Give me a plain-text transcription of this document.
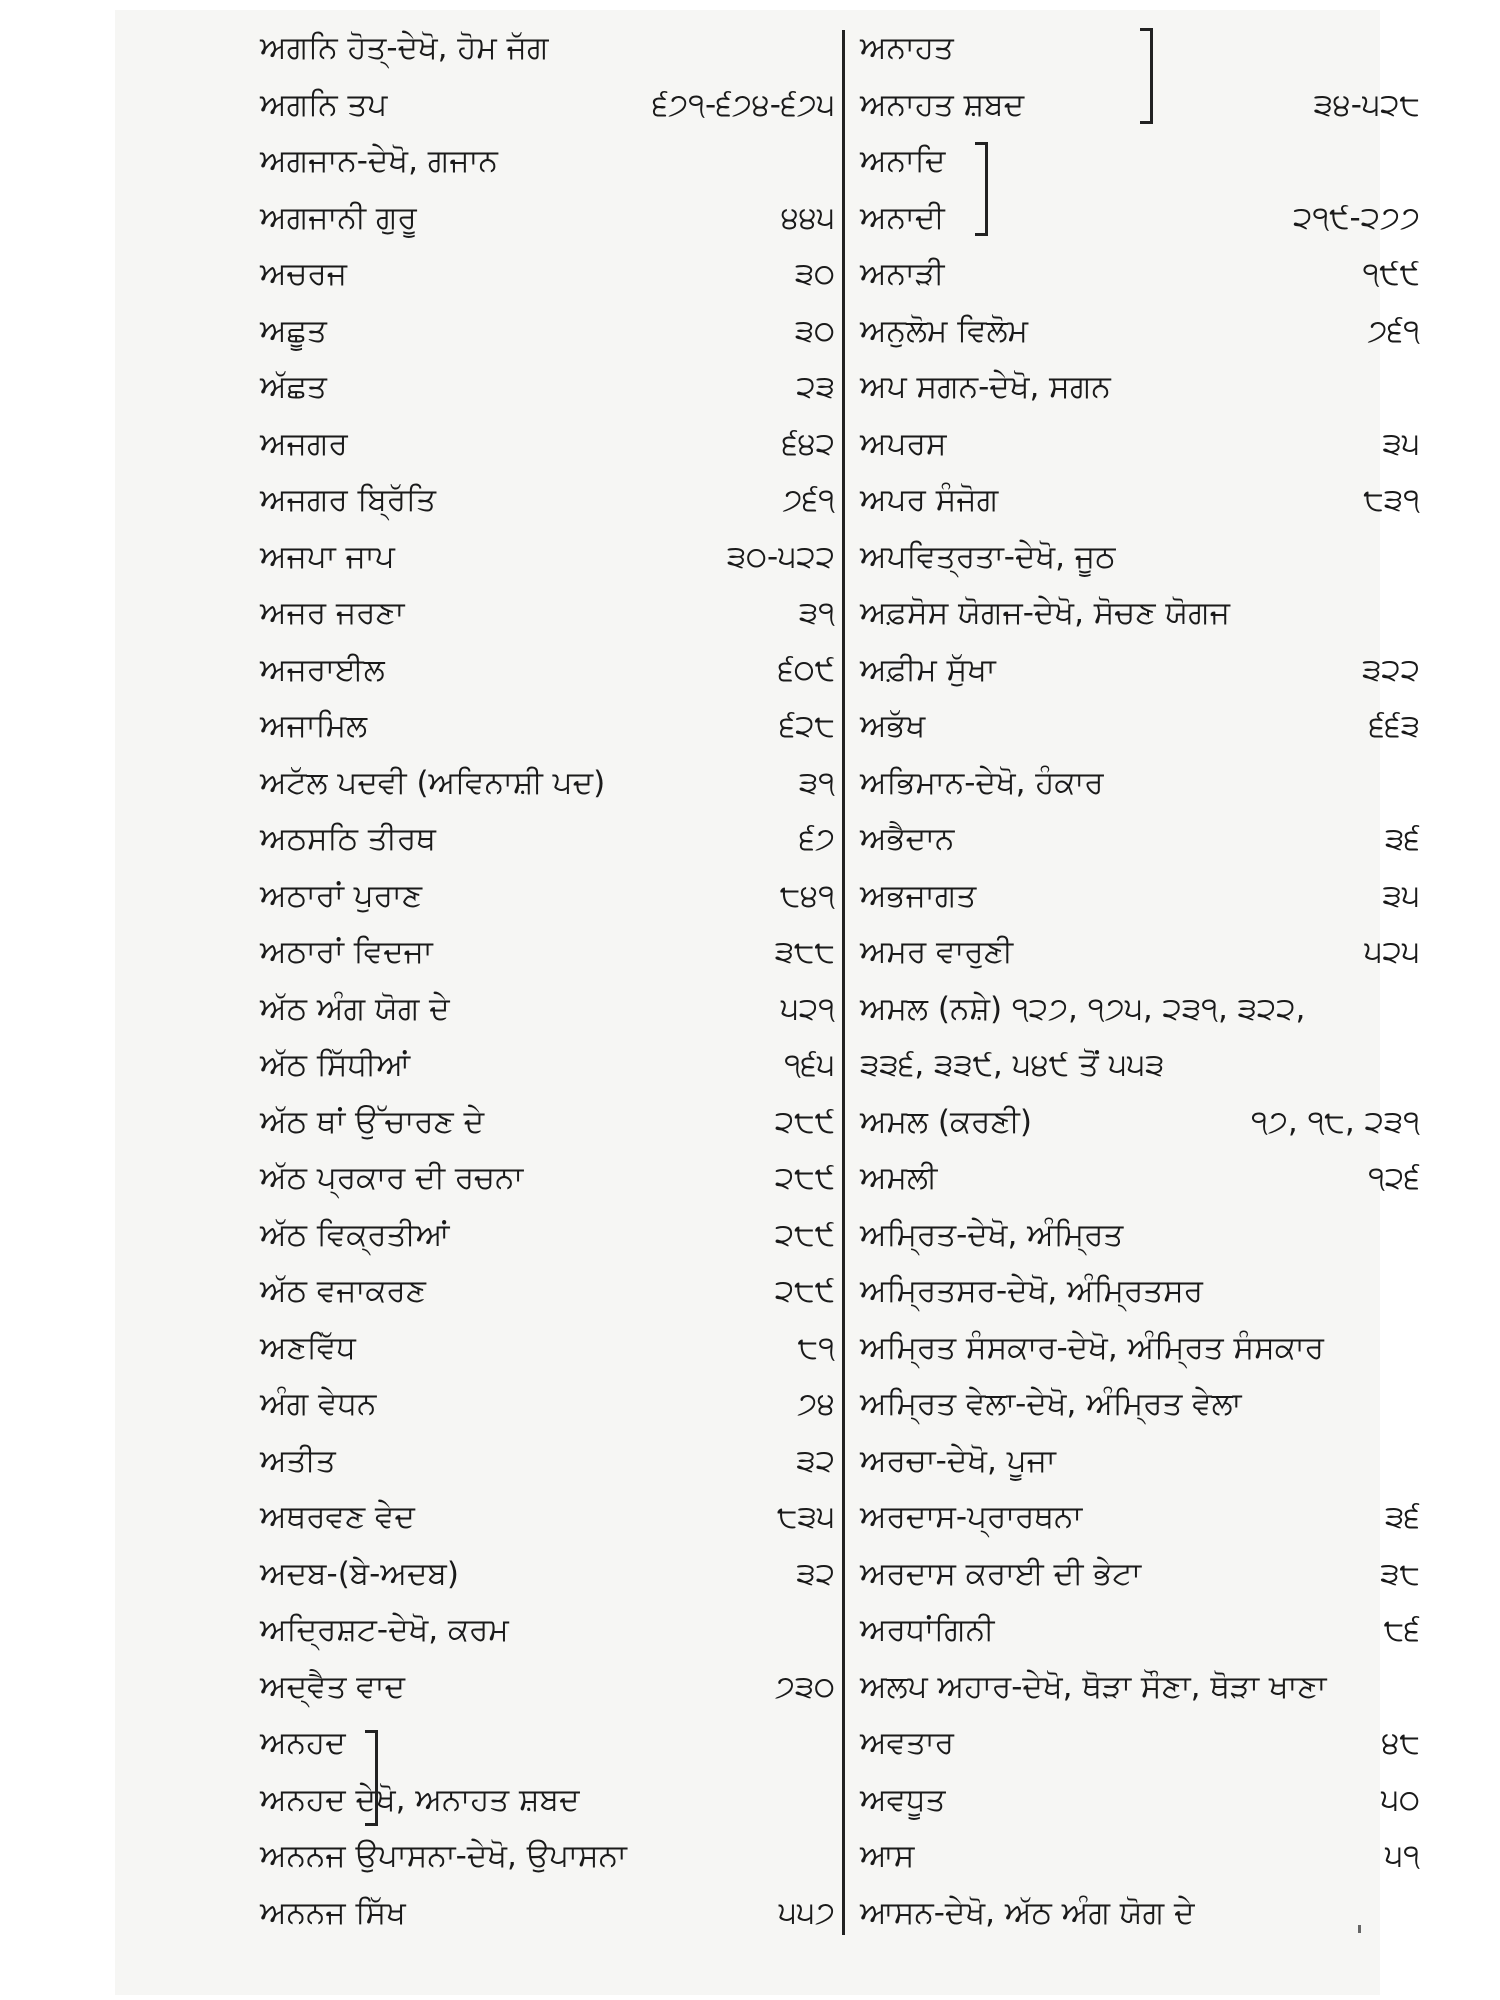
ਅਗਨਿ ਹੋਤ੍-ਦੇਖੋ, ਹੋਮ ਜੱਗ
ਅਗਨਿ ਤਪ	੬੭੧-੬੭੪-੬੭੫
ਅਗਜਾਨ-ਦੇਖੋ, ਗਜਾਨ
ਅਗਜਾਨੀ ਗੁਰੂ	੪੪੫
ਅਚਰਜ	੩੦
ਅਛੂਤ	੩੦
ਅੱਛਤ	੨੩
ਅਜਗਰ	੬੪੨
ਅਜਗਰ ਬ੍ਰਿੱਤਿ	੭੬੧
ਅਜਪਾ ਜਾਪ	੩੦-੫੨੨
ਅਜਰ ਜਰਣਾ	੩੧
ਅਜਰਾਈਲ	੬੦੯
ਅਜਾਮਿਲ	੬੨੮
ਅਟੱਲ ਪਦਵੀ (ਅਵਿਨਾਸ਼ੀ ਪਦ)	੩੧
ਅਠਸਠਿ ਤੀਰਥ	੬੭
ਅਠਾਰਾਂ ਪੁਰਾਣ	੮੪੧
ਅਠਾਰਾਂ ਵਿਦਜਾ	੩੮੮
ਅੱਠ ਅੰਗ ਯੋਗ ਦੇ	੫੨੧
ਅੱਠ ਸਿੱਧੀਆਂ	੧੬੫
ਅੱਠ ਥਾਂ ਉੱਚਾਰਣ ਦੇ	੨੮੯
ਅੱਠ ਪ੍ਰਕਾਰ ਦੀ ਰਚਨਾ	੨੮੯
ਅੱਠ ਵਿਕ੍ਰਤੀਆਂ	੨੮੯
ਅੱਠ ਵਜਾਕਰਣ	੨੮੯
ਅਣਵਿੱਧ	੮੧
ਅੰਗ ਵੇਧਨ	੭੪
ਅਤੀਤ	੩੨
ਅਥਰਵਣ ਵੇਦ	੮੩੫
ਅਦਬ-(ਬੇ-ਅਦਬ)	੩੨
ਅਦ੍ਰਿਸ਼ਟ-ਦੇਖੋ, ਕਰਮ
ਅਦ੍ਵੈਤ ਵਾਦ	੭੩੦
ਅਨਹਦ
ਅਨਹਦ ਦੇਖੋ, ਅਨਾਹਤ ਸ਼ਬਦ
ਅਨਨਜ ਉਪਾਸਨਾ-ਦੇਖੋ, ਉਪਾਸਨਾ
ਅਨਨਜ ਸਿੱਖ	੫੫੭
ਅਨਾਹਤ
ਅਨਾਹਤ ਸ਼ਬਦ	੩੪-੫੨੮
ਅਨਾਦਿ
ਅਨਾਦੀ	੨੧੯-੨੭੭
ਅਨਾੜੀ	੧੯੯
ਅਨੁਲੋਮ ਵਿਲੋਮ	੭੬੧
ਅਪ ਸਗਨ-ਦੇਖੋ, ਸਗਨ
ਅਪਰਸ	੩੫
ਅਪਰ ਸੰਜੋਗ	੮੩੧
ਅਪਵਿਤ੍ਰਤਾ-ਦੇਖੋ, ਜੂਠ
ਅਫ਼ਸੋਸ ਯੋਗਜ-ਦੇਖੋ, ਸੋਚਣ ਯੋਗਜ
ਅਫ਼ੀਮ ਸੁੱਖਾ	੩੨੨
ਅਭੱਖ	੬੬੩
ਅਭਿਮਾਨ-ਦੇਖੋ, ਹੰਕਾਰ
ਅਭੈਦਾਨ	੩੬
ਅਭਜਾਗਤ	੩੫
ਅਮਰ ਵਾਰੁਣੀ	੫੨੫
ਅਮਲ (ਨਸ਼ੇ) ੧੨੭, ੧੭੫, ੨੩੧, ੩੨੨,
੩੩੬, ੩੩੯, ੫੪੯ ਤੋਂ ੫੫੩
ਅਮਲ (ਕਰਣੀ)	੧੭, ੧੮, ੨੩੧
ਅਮਲੀ	੧੨੬
ਅਮ੍ਰਿਤ-ਦੇਖੋ, ਅੰਮ੍ਰਿਤ
ਅਮ੍ਰਿਤਸਰ-ਦੇਖੋ, ਅੰਮ੍ਰਿਤਸਰ
ਅਮ੍ਰਿਤ ਸੰਸਕਾਰ-ਦੇਖੋ, ਅੰਮ੍ਰਿਤ ਸੰਸਕਾਰ
ਅਮ੍ਰਿਤ ਵੇਲਾ-ਦੇਖੋ, ਅੰਮ੍ਰਿਤ ਵੇਲਾ
ਅਰਚਾ-ਦੇਖੋ, ਪੂਜਾ
ਅਰਦਾਸ-ਪ੍ਰਾਰਥਨਾ	੩੬
ਅਰਦਾਸ ਕਰਾਈ ਦੀ ਭੇਟਾ	੩੮
ਅਰਧਾਂਗਿਨੀ	੮੬
ਅਲਪ ਅਹਾਰ-ਦੇਖੋ, ਥੋੜਾ ਸੌਣਾ, ਥੋੜਾ ਖਾਣਾ
ਅਵਤਾਰ	੪੮
ਅਵਧੂਤ	੫੦
ਆਸ	੫੧
ਆਸਨ-ਦੇਖੋ, ਅੱਠ ਅੰਗ ਯੋਗ ਦੇ
